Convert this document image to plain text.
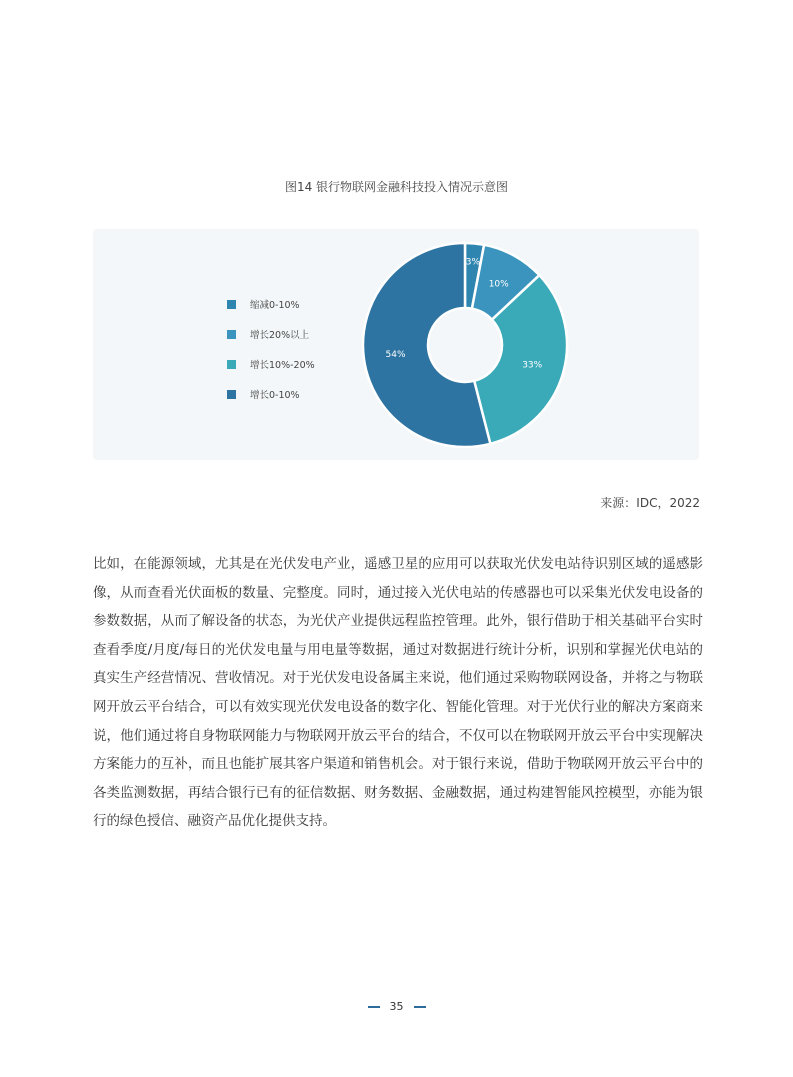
图14 银行物联网金融科技投入情况示意图
缩减0-10%
增长20%以上
增长10%-20%
增长0-10%
3%
10%
33%
54%
来源：IDC，2022

比如，在能源领域，尤其是在光伏发电产业，遥感卫星的应用可以获取光伏发电站待识别区域的遥感影像，从而查看光伏面板的数量、完整度。同时，通过接入光伏电站的传感器也可以采集光伏发电设备的参数数据，从而了解设备的状态，为光伏产业提供远程监控管理。此外，银行借助于相关基础平台实时查看季度/月度/每日的光伏发电量与用电量等数据，通过对数据进行统计分析，识别和掌握光伏电站的真实生产经营情况、营收情况。对于光伏发电设备属主来说，他们通过采购物联网设备，并将之与物联网开放云平台结合，可以有效实现光伏发电设备的数字化、智能化管理。对于光伏行业的解决方案商来说，他们通过将自身物联网能力与物联网开放云平台的结合，不仅可以在物联网开放云平台中实现解决方案能力的互补，而且也能扩展其客户渠道和销售机会。对于银行来说，借助于物联网开放云平台中的各类监测数据，再结合银行已有的征信数据、财务数据、金融数据，通过构建智能风控模型，亦能为银行的绿色授信、融资产品优化提供支持。

35
